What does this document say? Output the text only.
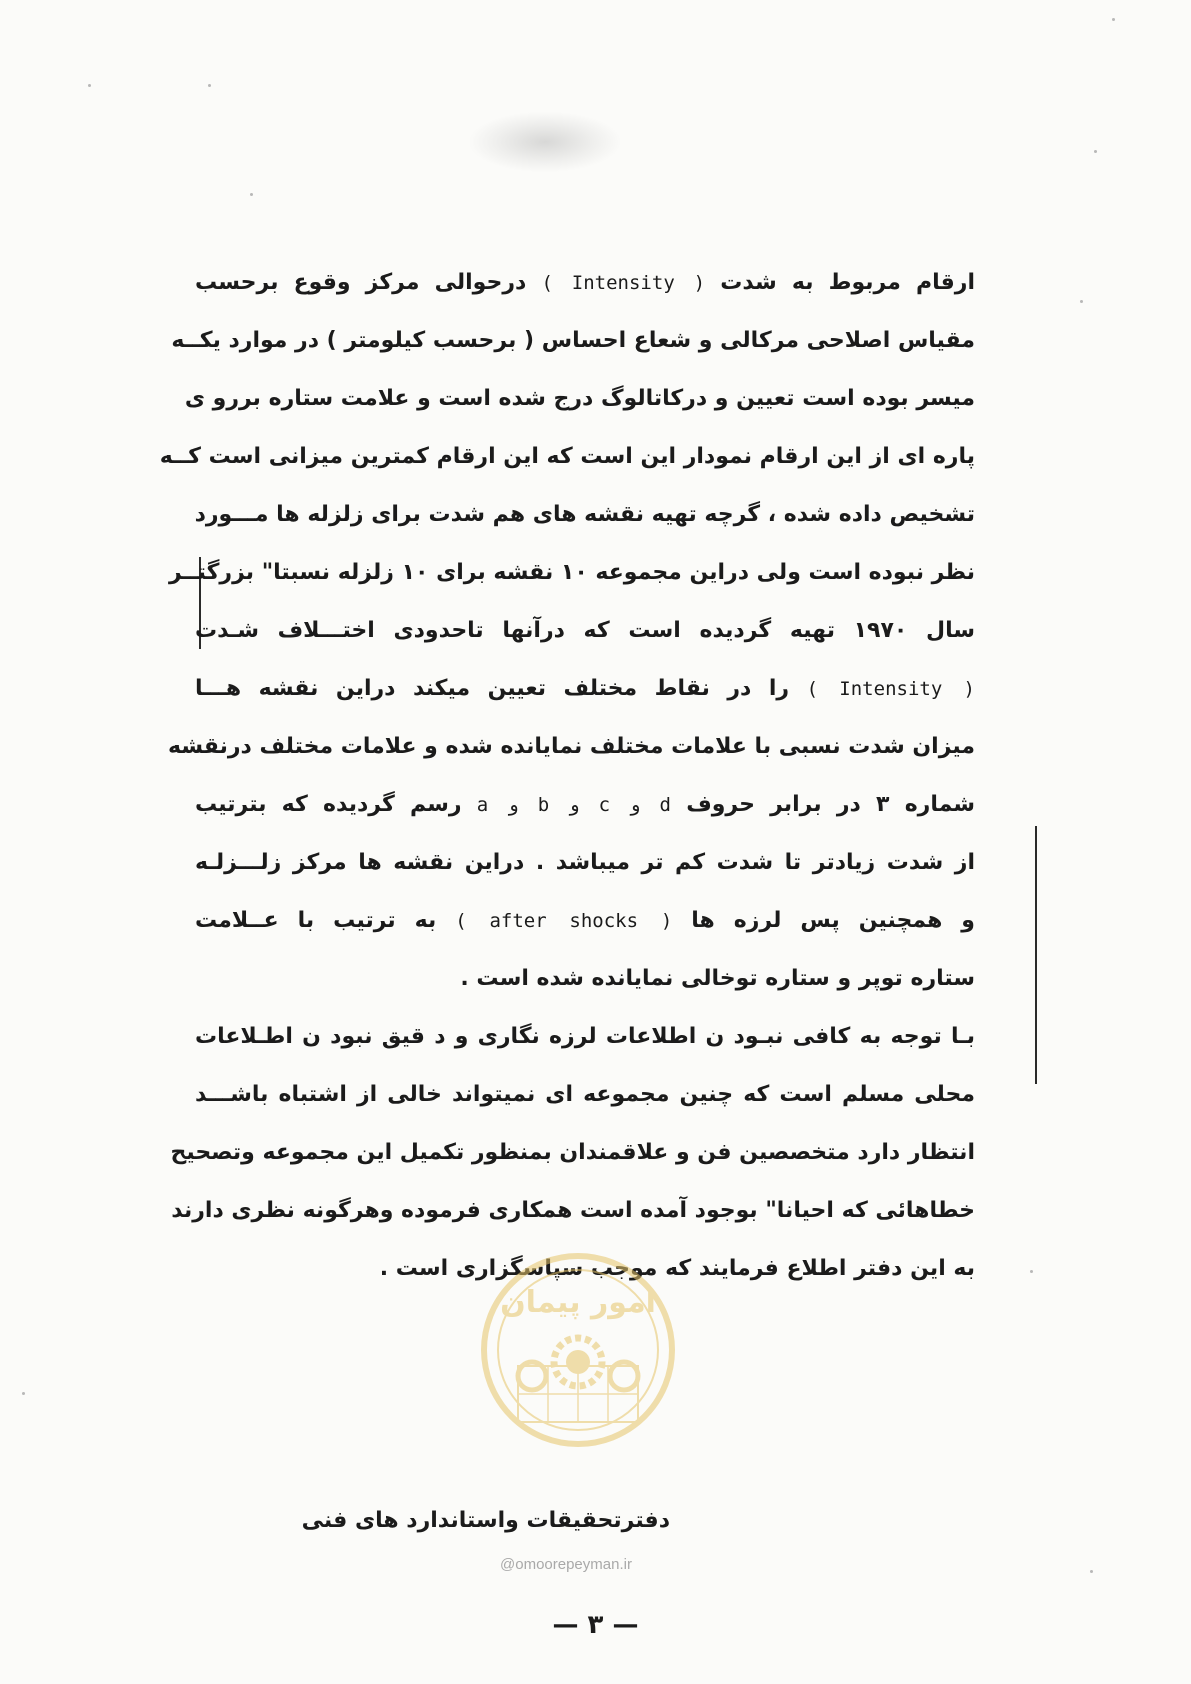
ارقام مربوط به شدت ( Intensity ) درحوالی مرکز وقوع برحسب
مقیاس اصلاحی مرکالی و شعاع احساس ( برحسب کیلومتر ) در موارد یکــه
میسر بوده است تعیین و درکاتالوگ درج شده است و علامت ستاره بررو ی
پاره ای از این ارقام نمودار این است که این ارقام کمترین میزانی است کــه
تشخیص داده شده ، گرچه تهیه نقشه های هم شدت برای زلزله ها مـــورد
نظر نبوده است ولی دراین مجموعه ۱۰ نقشه برای ۱۰ زلزله نسبتا" بزرگتــر
سال ۱۹۷۰ تهیه گردیده است که درآنها تاحدودی اختـــلاف شـدت
( Intensity ) را در نقاط مختلف تعیین میکند دراین نقشه هـــا
میزان شدت نسبی با علامات مختلف نمایانده شده و علامات مختلف درنقشه
شماره ۳ در برابر حروف a و b و c و d رسم گردیده که بترتیب
از شدت زیادتر تا شدت کم تر میباشد . دراین نقشه ها مرکز زلـــزلـه
و همچنین پس لرزه ها ( after shocks ) به ترتیب با عــلامت
ستاره توپر و ستاره توخالی نمایانده شده است .
بـا توجه به کافی نبـود ن اطلاعات لرزه نگاری و د قیق نبود ن اطـلاعات
محلی مسلم است که چنین مجموعه ای نمیتواند خالی از اشتباه باشـــد
انتظار دارد متخصصین فن و علاقمندان بمنظور تکمیل این مجموعه وتصحیح
خطاهائی که احیانا" بوجود آمده است همکاری فرموده وهرگونه نظری دارند
به این دفتر اطلاع فرمایند که موجب سپاسگزاری است .
امور پیمان
دفترتحقیقات واستاندارد های فنی
@omoorepeyman.ir
— ۳ —
